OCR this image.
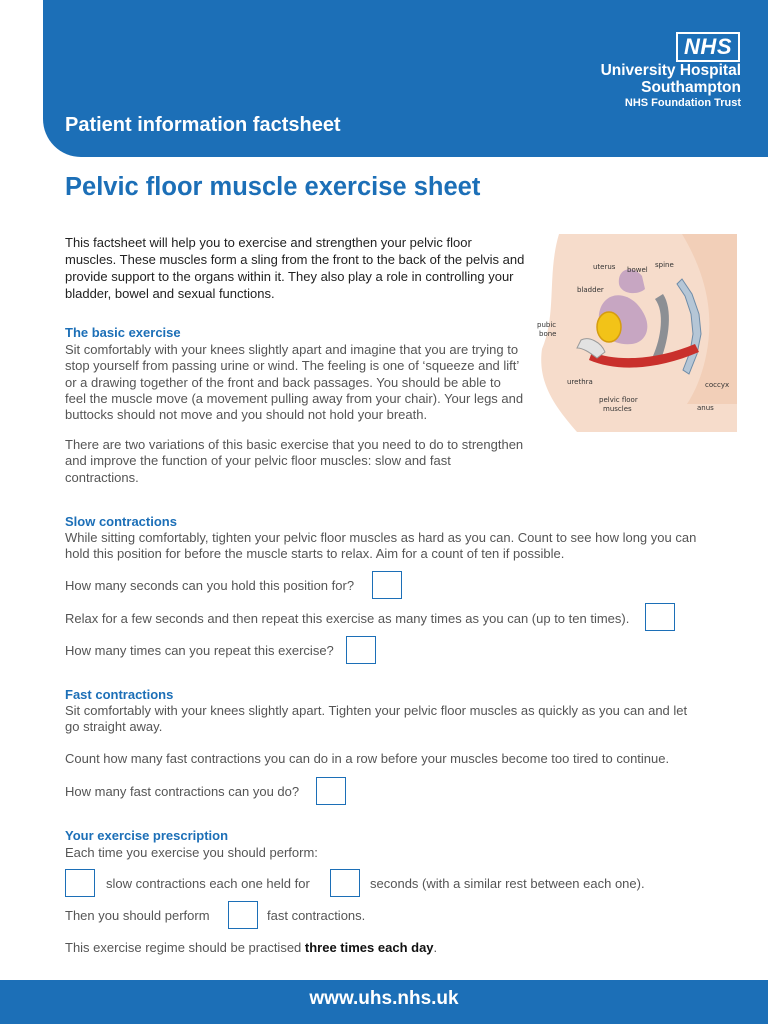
NHS
University Hospital
Southampton
NHS Foundation Trust
Patient information factsheet
Pelvic floor muscle exercise sheet

This factsheet will help you to exercise and strengthen your pelvic floor muscles. These muscles form a sling from the front to the back of the pelvis and provide support to the organs within it. They also play a role in controlling your bladder, bowel and sexual functions.

uterus bowel
spine
bladder
pubic
bone
urethra
pelvic floor
muscles
coccyx
anus
The basic exercise

Sit comfortably with your knees slightly apart and imagine that you are trying to stop yourself from passing urine or wind. The feeling is one of ‘squeeze and lift’ or a drawing together of the front and back passages. You should be able to feel the muscle move (a movement pulling away from your chair). Your legs and buttocks should not move and you should not hold your breath.

There are two variations of this basic exercise that you need to do to strengthen and improve the function of your pelvic floor muscles: slow and fast contractions.

Slow contractions

While sitting comfortably, tighten your pelvic floor muscles as hard as you can. Count to see how long you can hold this position for before the muscle starts to relax. Aim for a count of ten if possible.

How many seconds can you hold this position for?
Relax for a few seconds and then repeat this exercise as many times as you can (up to ten times).
How many times can you repeat this exercise?
Fast contractions

Sit comfortably with your knees slightly apart. Tighten your pelvic floor muscles as quickly as you can and let go straight away.

Count how many fast contractions you can do in a row before your muscles become too tired to continue.
How many fast contractions can you do?
Your exercise prescription
Each time you exercise you should perform:
slow contractions each one held for	seconds (with a similar rest between each one).
Then you should perform	fast contractions.
This exercise regime should be practised three times each day.
www.uhs.nhs.uk
